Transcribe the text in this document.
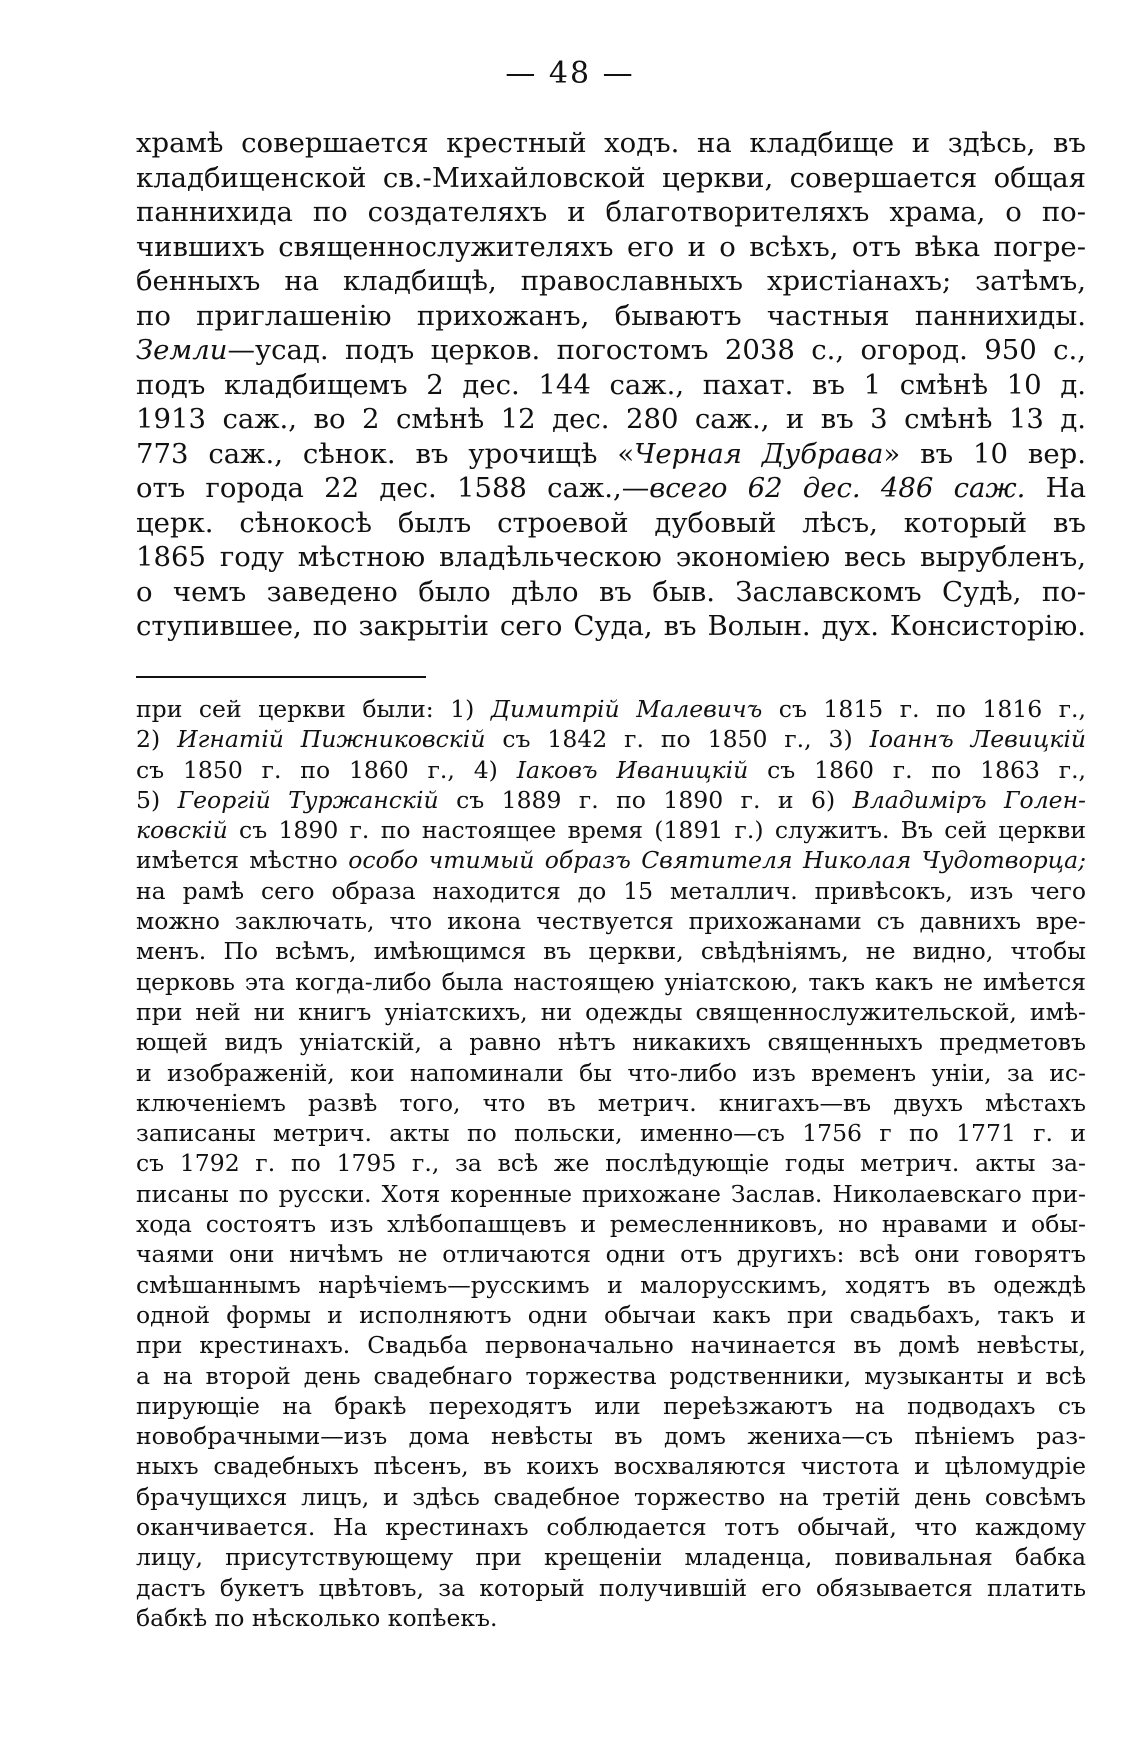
— 48 —
храмѣ совершается крестный ходъ. на кладбище и здѣсь, въ
кладбищенской св.-Михайловской церкви, совершается общая
паннихида по создателяхъ и благотворителяхъ храма, о по-
чившихъ священнослужителяхъ его и о всѣхъ, отъ вѣка погре-
бенныхъ на кладбищѣ, православныхъ христіанахъ; затѣмъ,
по приглашенію прихожанъ, бываютъ частныя паннихиды.
Земли—усад. подъ церков. погостомъ 2038 с., огород. 950 с.,
подъ кладбищемъ 2 дес. 144 саж., пахат. въ 1 смѣнѣ 10 д.
1913 саж., во 2 смѣнѣ 12 дес. 280 саж., и въ 3 смѣнѣ 13 д.
773 саж., сѣнок. въ урочищѣ «Черная Дубрава» въ 10 вер.
отъ города 22 дес. 1588 саж.,—всего 62 дес. 486 саж. На
церк. сѣнокосѣ былъ строевой дубовый лѣсъ, который въ
1865 году мѣстною владѣльческою экономіею весь вырубленъ,
о чемъ заведено было дѣло въ быв. Заславскомъ Судѣ, по-
ступившее, по закрытіи сего Суда, въ Волын. дух. Консисторію.
при сей церкви были: 1) Димитрій Малевичъ съ 1815 г. по 1816 г.,
2) Игнатій Пижниковскій съ 1842 г. по 1850 г., 3) Іоаннъ Левицкій
съ 1850 г. по 1860 г., 4) Іаковъ Иваницкій съ 1860 г. по 1863 г.,
5) Георгій Туржанскій съ 1889 г. по 1890 г. и 6) Владиміръ Голен-
ковскій съ 1890 г. по настоящее время (1891 г.) служитъ. Въ сей церкви
имѣется мѣстно особо чтимый образъ Святителя Николая Чудотворца;
на рамѣ сего образа находится до 15 металлич. привѣсокъ, изъ чего
можно заключать, что икона чествуется прихожанами съ давнихъ вре-
менъ. По всѣмъ, имѣющимся въ церкви, свѣдѣніямъ, не видно, чтобы
церковь эта когда-либо была настоящею уніатскою, такъ какъ не имѣется
при ней ни книгъ уніатскихъ, ни одежды священнослужительской, имѣ-
ющей видъ уніатскій, а равно нѣтъ никакихъ священныхъ предметовъ
и изображеній, кои напоминали бы что-либо изъ временъ уніи, за ис-
ключеніемъ развѣ того, что въ метрич. книгахъ—въ двухъ мѣстахъ
записаны метрич. акты по польски, именно—съ 1756 г по 1771 г. и
съ 1792 г. по 1795 г., за всѣ же послѣдующіе годы метрич. акты за-
писаны по русски. Хотя коренные прихожане Заслав. Николаевскаго при-
хода состоятъ изъ хлѣбопашцевъ и ремесленниковъ, но нравами и обы-
чаями они ничѣмъ не отличаются одни отъ другихъ: всѣ они говорятъ
смѣшаннымъ нарѣчіемъ—русскимъ и малорусскимъ, ходятъ въ одеждѣ
одной формы и исполняютъ одни обычаи какъ при свадьбахъ, такъ и
при крестинахъ. Свадьба первоначально начинается въ домѣ невѣсты,
а на второй день свадебнаго торжества родственники, музыканты и всѣ
пирующіе на бракѣ переходятъ или переѣзжаютъ на подводахъ съ
новобрачными—изъ дома невѣсты въ домъ жениха—съ пѣніемъ раз-
ныхъ свадебныхъ пѣсенъ, въ коихъ восхваляются чистота и цѣломудріе
брачущихся лицъ, и здѣсь свадебное торжество на третій день совсѣмъ
оканчивается. На крестинахъ соблюдается тотъ обычай, что каждому
лицу, присутствующему при крещеніи младенца, повивальная бабка
дастъ букетъ цвѣтовъ, за который получившій его обязывается платить
бабкѣ по нѣсколько копѣекъ.
